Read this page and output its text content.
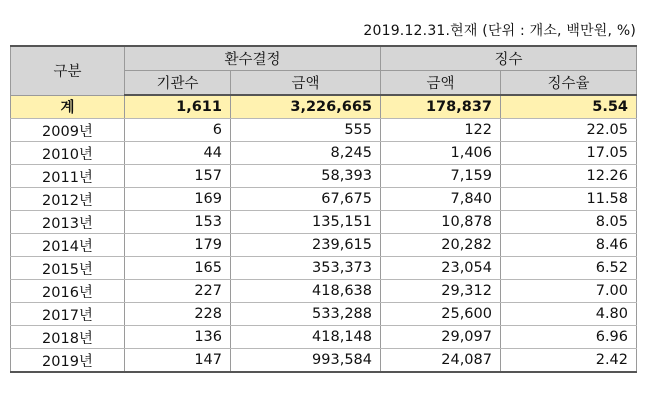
2019.12.31.현재 (단위 : 개소, 백만원, %)
구분	환수결정		징수	
	기관수	금액	금액	징수율
계	1,611	3,226,665	178,837	5.54
2009년	6	555	122	22.05
2010년	44	8,245	1,406	17.05
2011년	157	58,393	7,159	12.26
2012년	169	67,675	7,840	11.58
2013년	153	135,151	10,878	8.05
2014년	179	239,615	20,282	8.46
2015년	165	353,373	23,054	6.52
2016년	227	418,638	29,312	7.00
2017년	228	533,288	25,600	4.80
2018년	136	418,148	29,097	6.96
2019년	147	993,584	24,087	2.42
